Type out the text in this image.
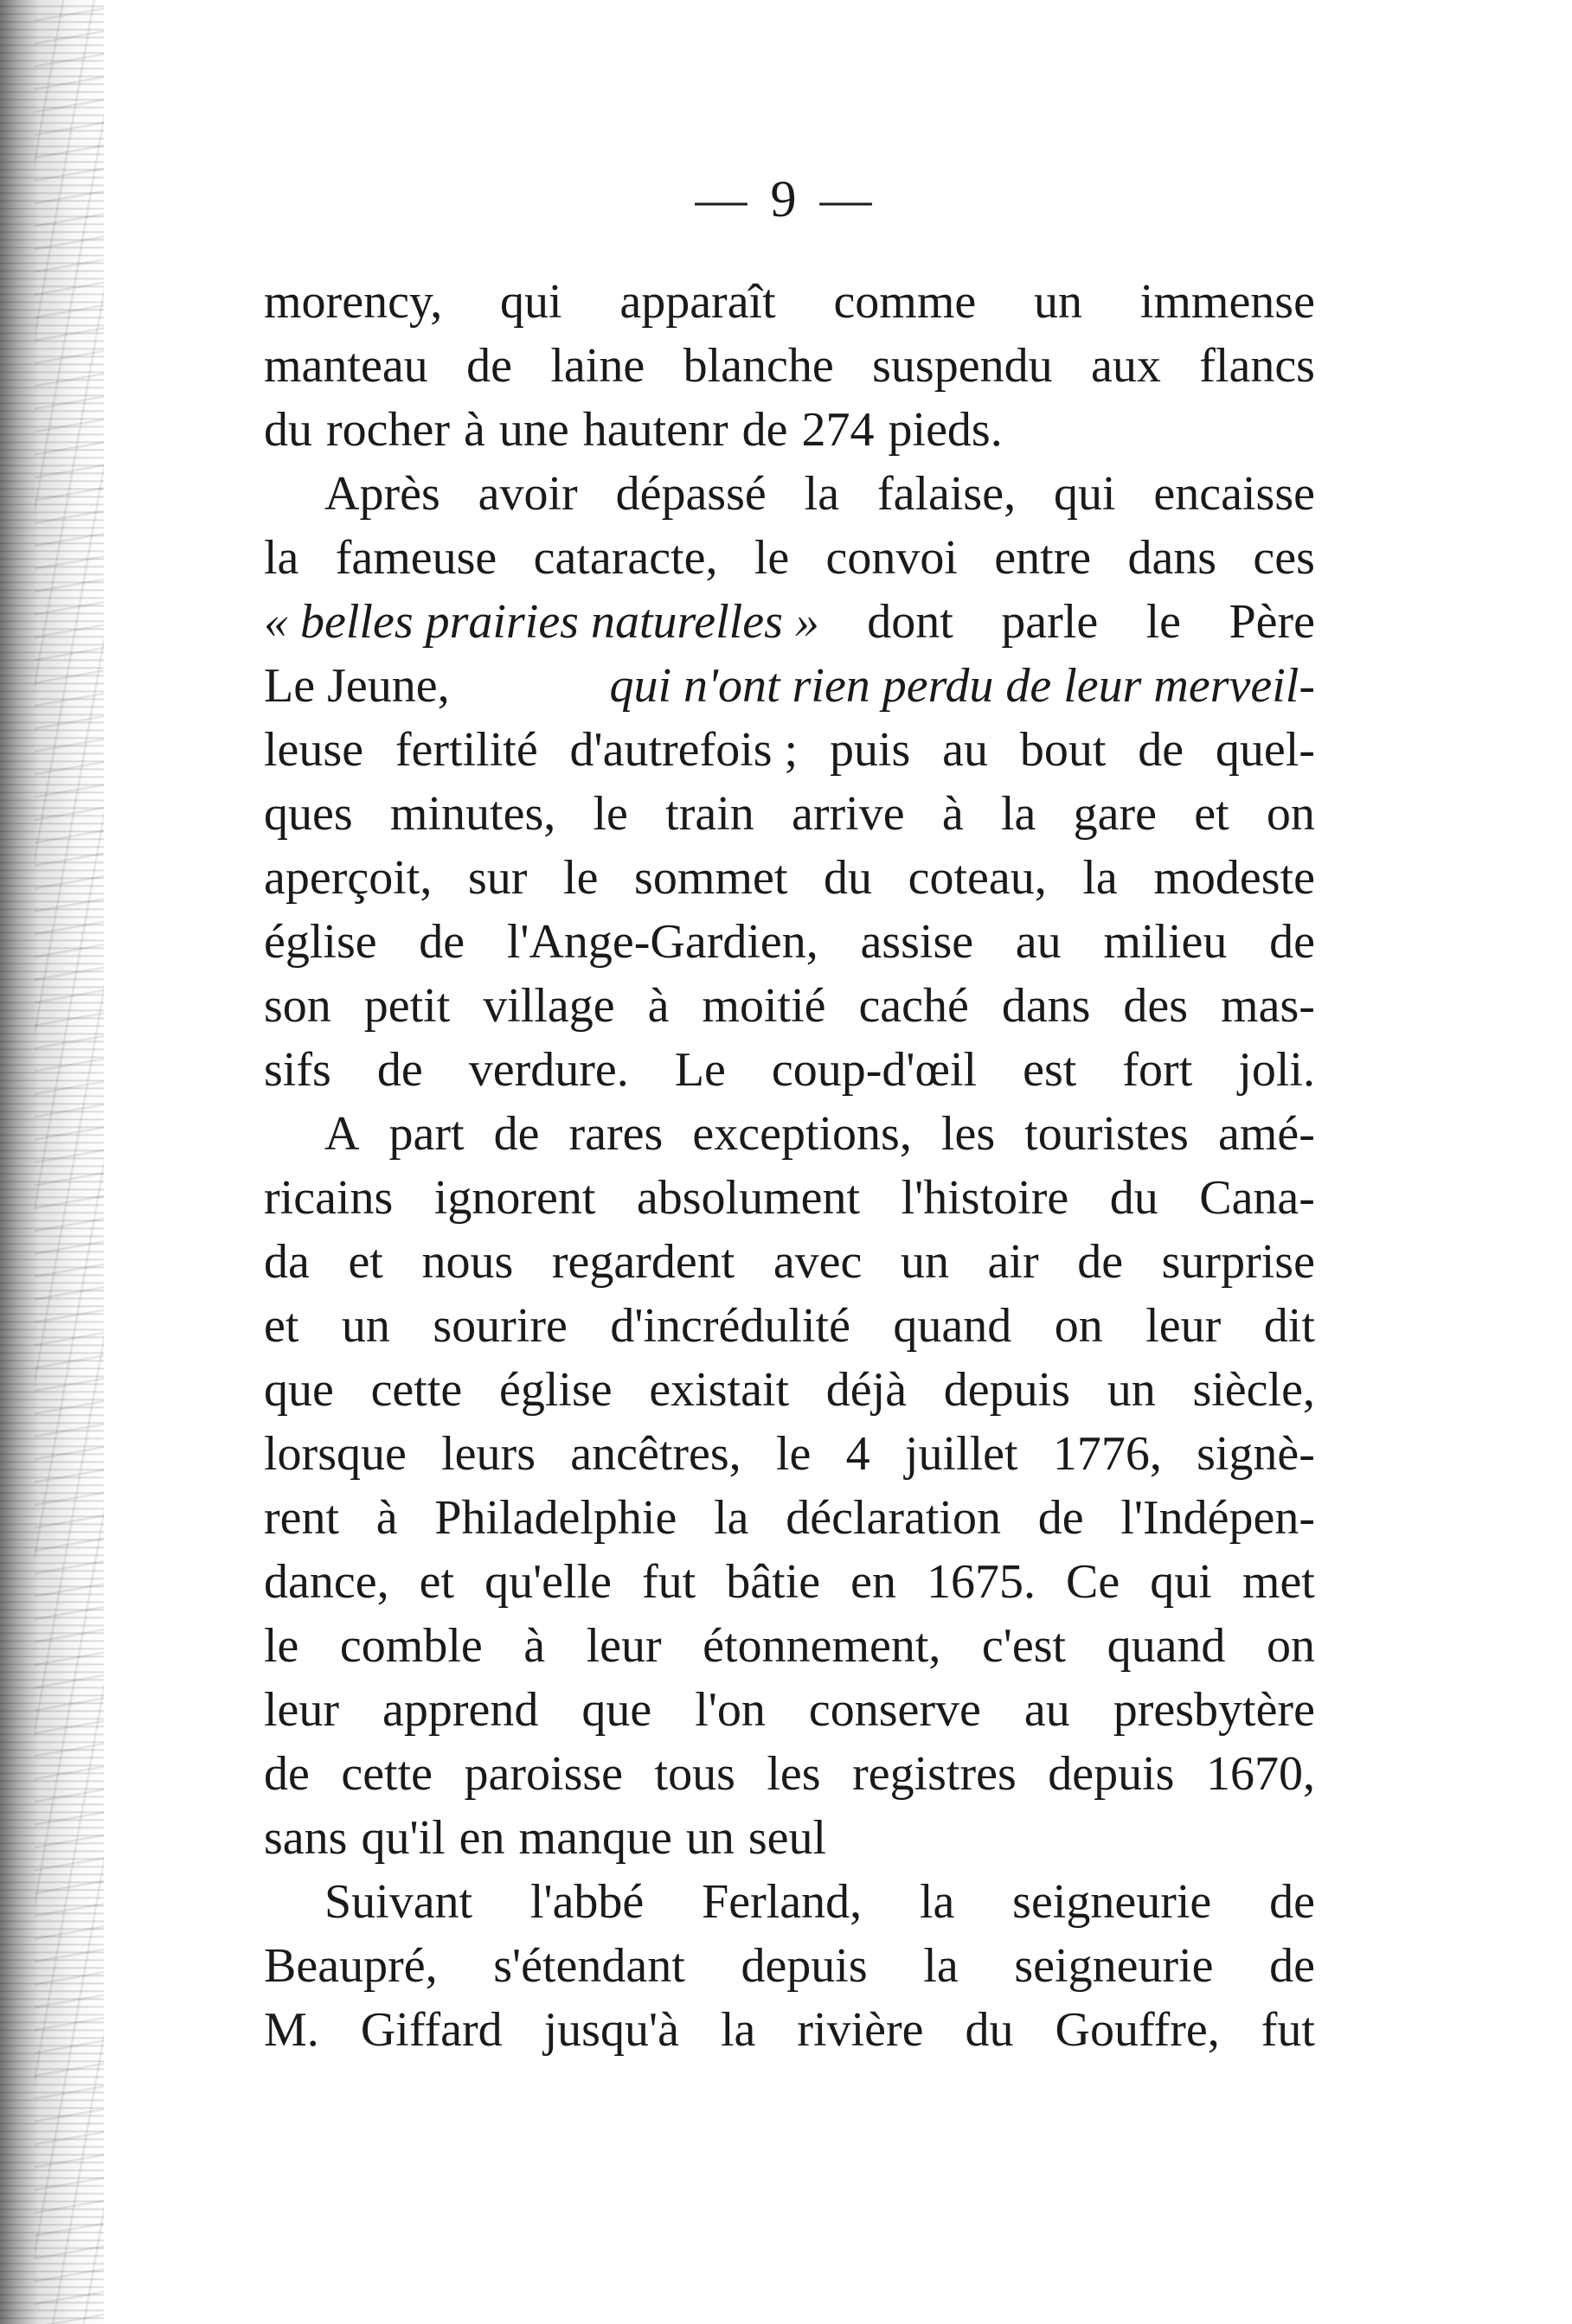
— 9 —
morency, qui apparaît comme un immense
manteau de laine blanche suspendu aux flancs
du rocher à une hautenr de 274 pieds.
Après avoir dépassé la falaise, qui encaisse
la fameuse cataracte, le convoi entre dans ces
« belles prairies naturelles » dont parle le Père
Le Jeune,	qui n'ont rien perdu de leur merveil-
leuse fertilité d'autrefois ; puis au bout de quel-
ques minutes, le train arrive à la gare et on
aperçoit, sur le sommet du coteau, la modeste
église de l'Ange-Gardien, assise au milieu de
son petit village à moitié caché dans des mas-
sifs de verdure. Le coup-d'œil est fort joli.
A part de rares exceptions, les touristes amé-
ricains ignorent absolument l'histoire du Cana-
da et nous regardent avec un air de surprise
et un sourire d'incrédulité quand on leur dit
que cette église existait déjà depuis un siècle,
lorsque leurs ancêtres, le 4 juillet 1776, signè-
rent à Philadelphie la déclaration de l'Indépen-
dance, et qu'elle fut bâtie en 1675. Ce qui met
le comble à leur étonnement, c'est quand on
leur apprend que l'on conserve au presbytère
de cette paroisse tous les registres depuis 1670,
sans qu'il en manque un seul
Suivant l'abbé Ferland, la seigneurie de
Beaupré, s'étendant depuis la seigneurie de
M. Giffard jusqu'à la rivière du Gouffre, fut
